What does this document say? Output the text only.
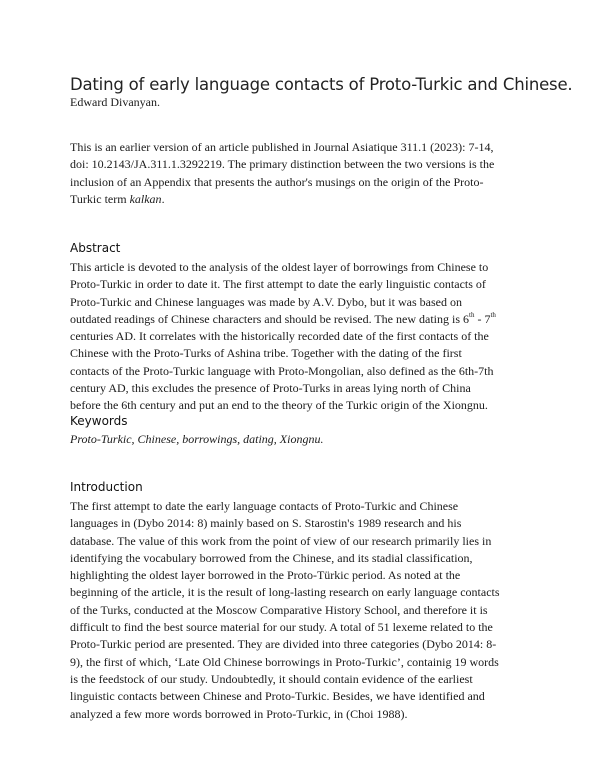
Dating of early language contacts of Proto-Turkic and Chinese.
Edward Divanyan.
This is an earlier version of an article published in Journal Asiatique 311.1 (2023): 7-14,
doi: 10.2143/JA.311.1.3292219. The primary distinction between the two versions is the
inclusion of an Appendix that presents the author's musings on the origin of the Proto-
Turkic term kalkan.
Abstract
This article is devoted to the analysis of the oldest layer of borrowings from Chinese to
Proto-Turkic in order to date it. The first attempt to date the early linguistic contacts of
Proto-Turkic and Chinese languages was made by A.V. Dybo, but it was based on
outdated readings of Chinese characters and should be revised. The new dating is 6th - 7th
centuries AD. It correlates with the historically recorded date of the first contacts of the
Chinese with the Proto-Turks of Ashina tribe. Together with the dating of the first
contacts of the Proto-Turkic language with Proto-Mongolian, also defined as the 6th-7th
century AD, this excludes the presence of Proto-Turks in areas lying north of China
before the 6th century and put an end to the theory of the Turkic origin of the Xiongnu.
Keywords
Proto-Turkic, Chinese, borrowings, dating, Xiongnu.
Introduction
The first attempt to date the early language contacts of Proto-Turkic and Chinese
languages in (Dybo 2014: 8) mainly based on S. Starostin's 1989 research and his
database. The value of this work from the point of view of our research primarily lies in
identifying the vocabulary borrowed from the Chinese, and its stadial classification,
highlighting the oldest layer borrowed in the Proto-Türkic period. As noted at the
beginning of the article, it is the result of long-lasting research on early language contacts
of the Turks, conducted at the Moscow Comparative History School, and therefore it is
difficult to find the best source material for our study. A total of 51 lexeme related to the
Proto-Turkic period are presented. They are divided into three categories (Dybo 2014: 8-
9), the first of which, ‘Late Old Chinese borrowings in Proto-Turkic’, containig 19 words
is the feedstock of our study. Undoubtedly, it should contain evidence of the earliest
linguistic contacts between Chinese and Proto-Turkic. Besides, we have identified and
analyzed a few more words borrowed in Proto-Turkic, in (Choi 1988).
